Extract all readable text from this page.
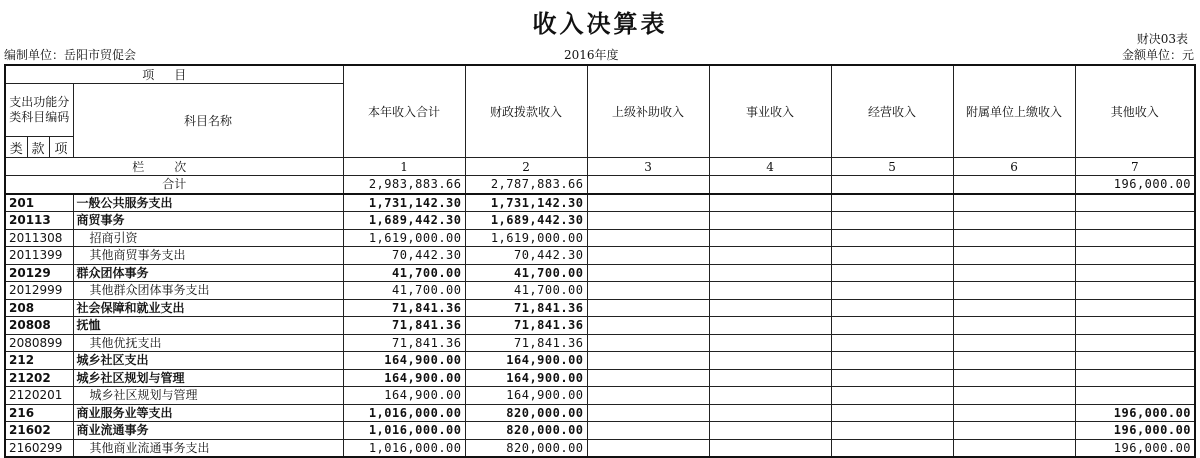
收入决算表
财决03表
编制单位：岳阳市贸促会	2016年度	金额单位：元
项目				本年收入合计	财政拨款收入	上级补助收入	事业收入	经营收入	附属单位上缴收入	其他收入
支出功能分类科目编码			科目名称							
类	款	项								
栏次				1	2	3	4	5	6	7
合计				2,983,883.66	2,787,883.66					196,000.00
201			一般公共服务支出	1,731,142.30	1,731,142.30					
20113			商贸事务	1,689,442.30	1,689,442.30					
2011308			招商引资	1,619,000.00	1,619,000.00					
2011399			其他商贸事务支出	70,442.30	70,442.30					
20129			群众团体事务	41,700.00	41,700.00					
2012999			其他群众团体事务支出	41,700.00	41,700.00					
208			社会保障和就业支出	71,841.36	71,841.36					
20808			抚恤	71,841.36	71,841.36					
2080899			其他优抚支出	71,841.36	71,841.36					
212			城乡社区支出	164,900.00	164,900.00					
21202			城乡社区规划与管理	164,900.00	164,900.00					
2120201			城乡社区规划与管理	164,900.00	164,900.00					
216			商业服务业等支出	1,016,000.00	820,000.00					196,000.00
21602			商业流通事务	1,016,000.00	820,000.00					196,000.00
2160299			其他商业流通事务支出	1,016,000.00	820,000.00					196,000.00
